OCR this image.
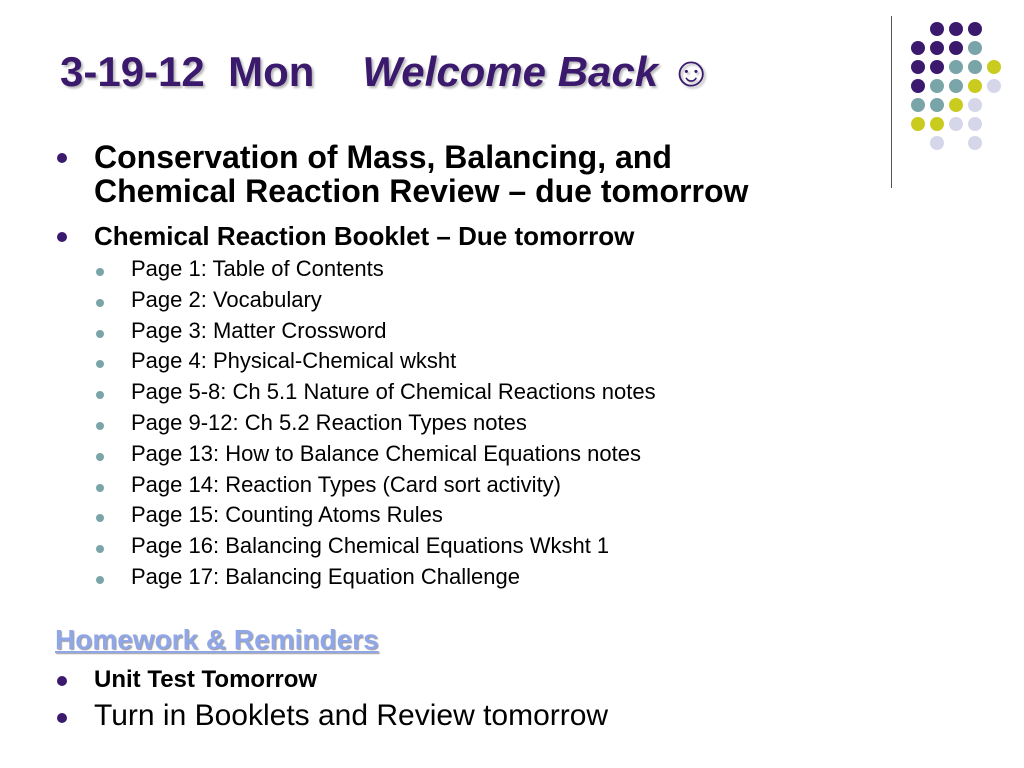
3-19-12 Mon Welcome Back ☺
Conservation of Mass, Balancing, and
Chemical Reaction Review – due tomorrow
Chemical Reaction Booklet – Due tomorrow
Page 1: Table of Contents
Page 2: Vocabulary
Page 3: Matter Crossword
Page 4: Physical-Chemical wksht
Page 5-8: Ch 5.1 Nature of Chemical Reactions notes
Page 9-12: Ch 5.2 Reaction Types notes
Page 13: How to Balance Chemical Equations notes
Page 14: Reaction Types (Card sort activity)
Page 15: Counting Atoms Rules
Page 16: Balancing Chemical Equations Wksht 1
Page 17: Balancing Equation Challenge
Homework & Reminders
Unit Test Tomorrow
Turn in Booklets and Review tomorrow
